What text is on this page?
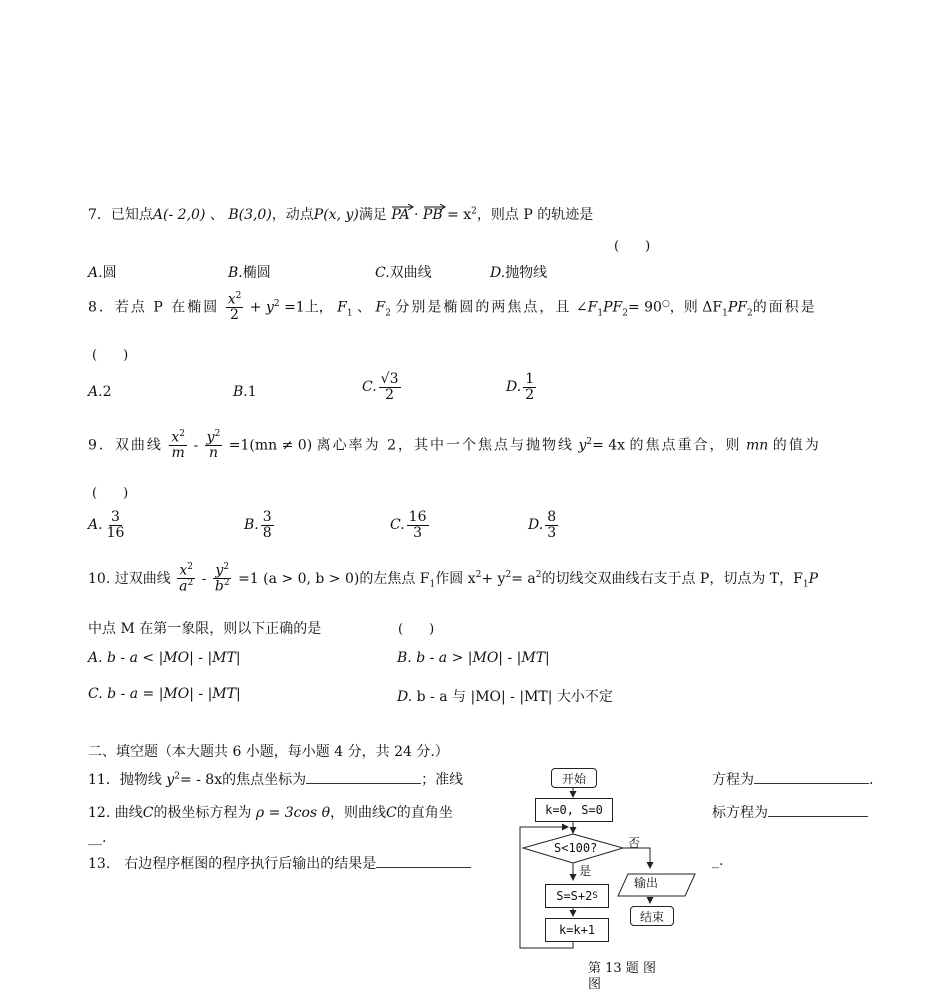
7．已知点A(- 2,0) 、 B(3,0)，动点P(x, y)满足 PA · PB = $x^2$，则点 P 的轨迹是
(　　)
A.圆	B.椭圆	C.双曲线	D.抛物线
8．若点 P 在椭圆 $\frac{x^2}{2} + y^2 =1$上， $F_1$ 、 $F_2$ 分别是椭圆的两焦点，且 $\angle F_1PF_2= 90^○$，则 $\Delta F_1PF_2$的面积是
(　　)
A.2	B.1	C. $\frac{√3}{2}$	D. $\frac{1}{2}$
9．双曲线 $\frac{x^2}{m} - \frac{y^2}{n} =1(mn \ne 0)$ 离心率为 2，其中一个焦点与抛物线 $y^2= 4x$ 的焦点重合，则 mn 的值为
(　　)
A. $\frac{3}{16}$	B. $\frac{3}{8}$	C. $\frac{16}{3}$	D. $\frac{8}{3}$
10. 过双曲线 $\frac{x^2}{a^2} - \frac{y^2}{b^2} =1$ (a > 0, b > 0)的左焦点 $F_1$作圆 $x^2+ y^2= a^2$的切线交双曲线右支于点 P，切点为 T，$F_1P$
中点 M 在第一象限，则以下正确的是	(　　)
A. b - a < |MO| - |MT|	B. b - a > |MO| - |MT|
C. b - a = |MO| - |MT|	D. b - a 与 |MO| - |MT| 大小不定
二、填空题（本大题共 6 小题，每小题 4 分，共 24 分.）
11．抛物线 $y^2= - 8x$的焦点坐标为	；准线	方程为	.
12. 曲线C的极坐标方程为 ρ = 3cos θ，则曲线C的直角坐	标方程为
__.
13.　右边程序框图的程序执行后输出的结果是	_.
开始
k=0, S=0
S<100?	否
是
输出
S=S+2 S
k=k+1
结束
第 13 题 图
图
